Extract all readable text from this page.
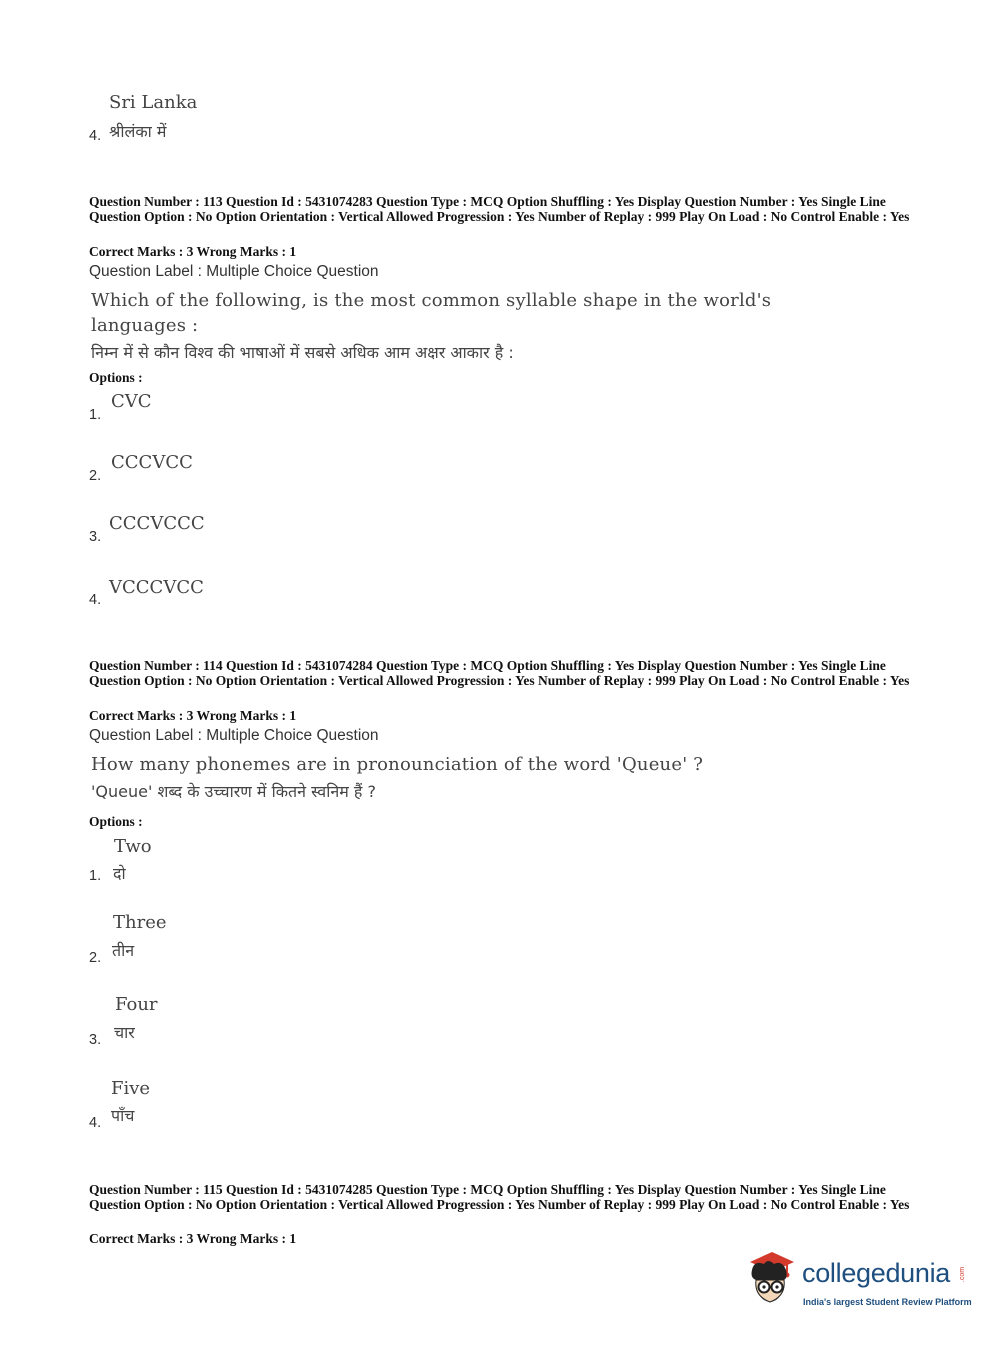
Sri Lanka
श्रीलंका में
4.
Question Number : 113 Question Id : 5431074283 Question Type : MCQ Option Shuffling : Yes Display Question Number : Yes Single Line Question Option : No Option Orientation : Vertical Allowed Progression : Yes Number of Replay : 999 Play On Load : No Control Enable : Yes
Correct Marks : 3 Wrong Marks : 1
Question Label : Multiple Choice Question
Which of the following, is the most common syllable shape in the world's
languages :
निम्न में से कौन विश्व की भाषाओं में सबसे अधिक आम अक्षर आकार है :
Options :
CVC
1.
CCCVCC
2.
CCCVCCC
3.
VCCCVCC
4.
Question Number : 114 Question Id : 5431074284 Question Type : MCQ Option Shuffling : Yes Display Question Number : Yes Single Line Question Option : No Option Orientation : Vertical Allowed Progression : Yes Number of Replay : 999 Play On Load : No Control Enable : Yes
Correct Marks : 3 Wrong Marks : 1
Question Label : Multiple Choice Question
How many phonemes are in pronounciation of the word 'Queue' ?
'Queue' शब्द के उच्चारण में कितने स्वनिम हैं ?
Options :
Two
दो
1.
Three
तीन
2.
Four
चार
3.
Five
पाँच
4.
Question Number : 115 Question Id : 5431074285 Question Type : MCQ Option Shuffling : Yes Display Question Number : Yes Single Line Question Option : No Option Orientation : Vertical Allowed Progression : Yes Number of Replay : 999 Play On Load : No Control Enable : Yes
Correct Marks : 3 Wrong Marks : 1
collegedunia .com
India's largest Student Review Platform
